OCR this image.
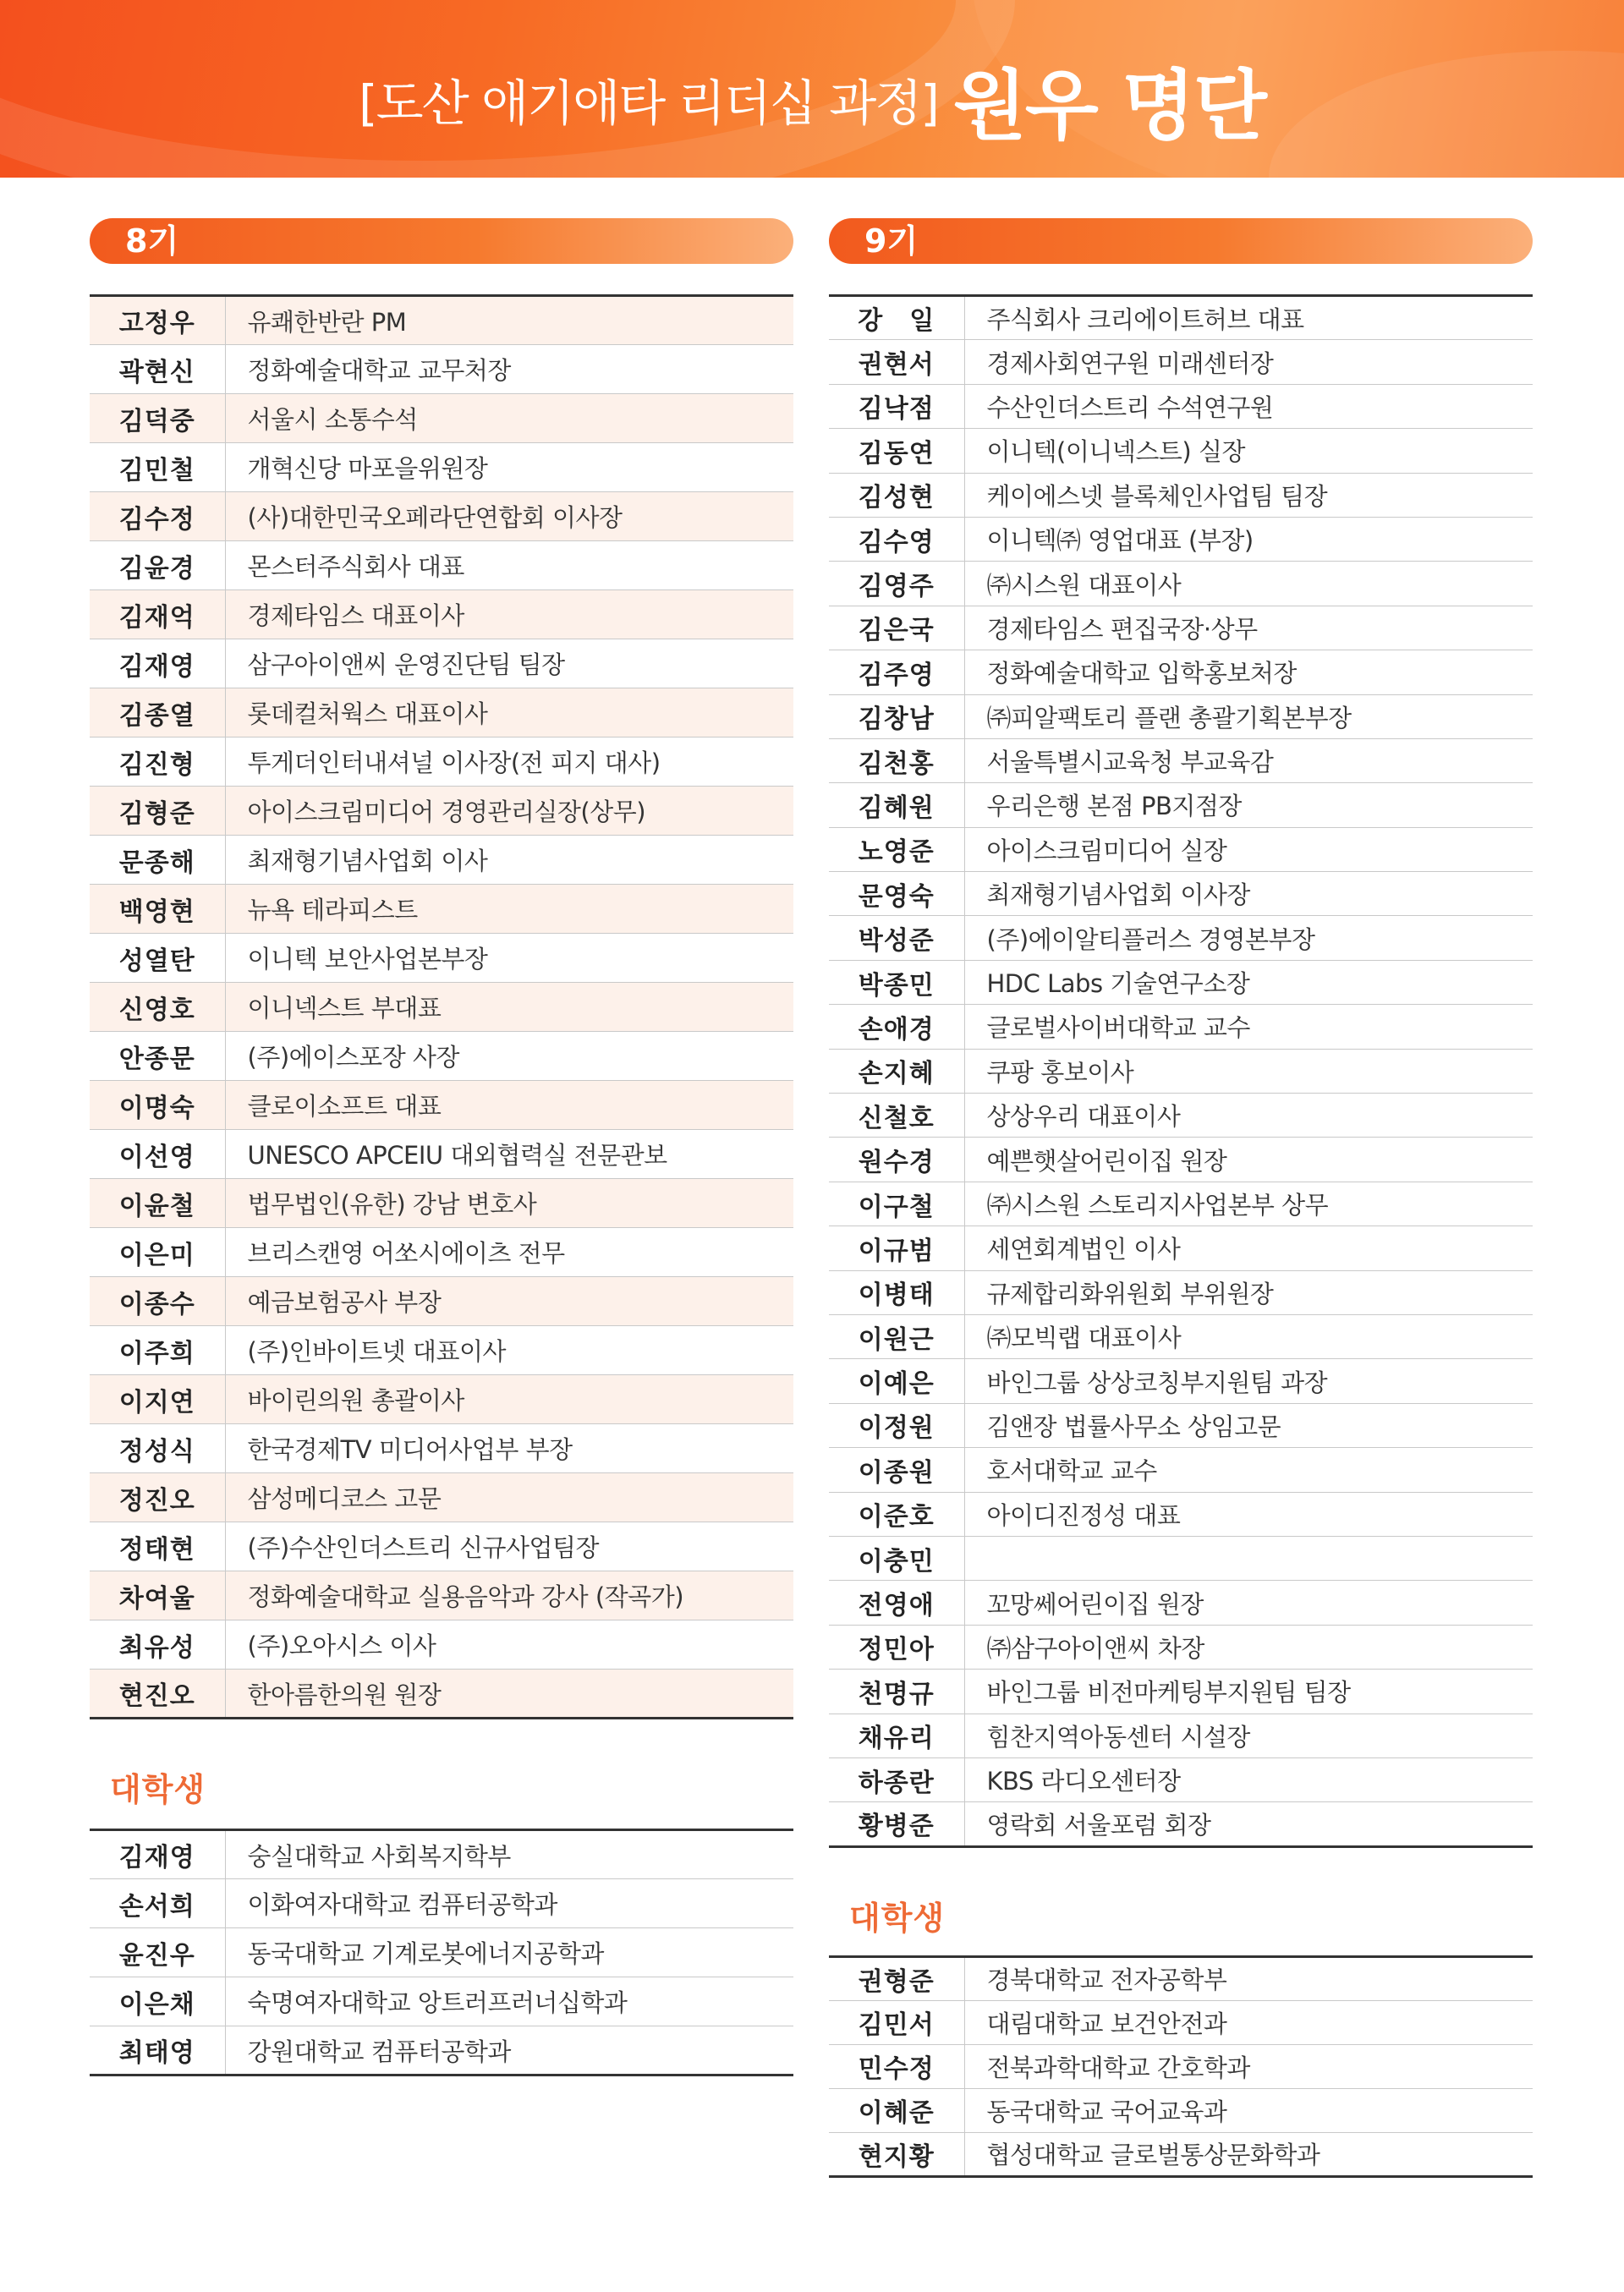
[도산 애기애타 리더십 과정] 원우 명단
8기
고정우	유쾌한반란 PM
곽현신	정화예술대학교 교무처장
김덕중	서울시 소통수석
김민철	개혁신당 마포을위원장
김수정	(사)대한민국오페라단연합회 이사장
김윤경	몬스터주식회사 대표
김재억	경제타임스 대표이사
김재영	삼구아이앤씨 운영진단팀 팀장
김종열	롯데컬처웍스 대표이사
김진형	투게더인터내셔널 이사장(전 피지 대사)
김형준	아이스크림미디어 경영관리실장(상무)
문종해	최재형기념사업회 이사
백영현	뉴욕 테라피스트
성열탄	이니텍 보안사업본부장
신영호	이니넥스트 부대표
안종문	(주)에이스포장 사장
이명숙	클로이소프트 대표
이선영	UNESCO APCEIU 대외협력실 전문관보
이윤철	법무법인(유한) 강남 변호사
이은미	브리스캔영 어쏘시에이츠 전무
이종수	예금보험공사 부장
이주희	(주)인바이트넷 대표이사
이지연	바이린의원 총괄이사
정성식	한국경제TV 미디어사업부 부장
정진오	삼성메디코스 고문
정태현	(주)수산인더스트리 신규사업팀장
차여울	정화예술대학교 실용음악과 강사 (작곡가)
최유성	(주)오아시스 이사
현진오	한아름한의원 원장
대학생
김재영	숭실대학교 사회복지학부
손서희	이화여자대학교 컴퓨터공학과
윤진우	동국대학교 기계로봇에너지공학과
이은채	숙명여자대학교 앙트러프러너십학과
최태영	강원대학교 컴퓨터공학과
9기
강　일	주식회사 크리에이트허브 대표
권현서	경제사회연구원 미래센터장
김낙점	수산인더스트리 수석연구원
김동연	이니텍(이니넥스트) 실장
김성현	케이에스넷 블록체인사업팀 팀장
김수영	이니텍㈜ 영업대표 (부장)
김영주	㈜시스원 대표이사
김은국	경제타임스 편집국장·상무
김주영	정화예술대학교 입학홍보처장
김창남	㈜피알팩토리 플랜 총괄기획본부장
김천홍	서울특별시교육청 부교육감
김혜원	우리은행 본점 PB지점장
노영준	아이스크림미디어 실장
문영숙	최재형기념사업회 이사장
박성준	(주)에이알티플러스 경영본부장
박종민	HDC Labs 기술연구소장
손애경	글로벌사이버대학교 교수
손지혜	쿠팡 홍보이사
신철호	상상우리 대표이사
원수경	예쁜햇살어린이집 원장
이구철	㈜시스원 스토리지사업본부 상무
이규범	세연회계법인 이사
이병태	규제합리화위원회 부위원장
이원근	㈜모빅랩 대표이사
이예은	바인그룹 상상코칭부지원팀 과장
이정원	김앤장 법률사무소 상임고문
이종원	호서대학교 교수
이준호	아이디진정성 대표
이충민	
전영애	꼬망쎄어린이집 원장
정민아	㈜삼구아이앤씨 차장
천명규	바인그룹 비전마케팅부지원팀 팀장
채유리	힘찬지역아동센터 시설장
하종란	KBS 라디오센터장
황병준	영락회 서울포럼 회장
대학생
권형준	경북대학교 전자공학부
김민서	대림대학교 보건안전과
민수정	전북과학대학교 간호학과
이혜준	동국대학교 국어교육과
현지황	협성대학교 글로벌통상문화학과
